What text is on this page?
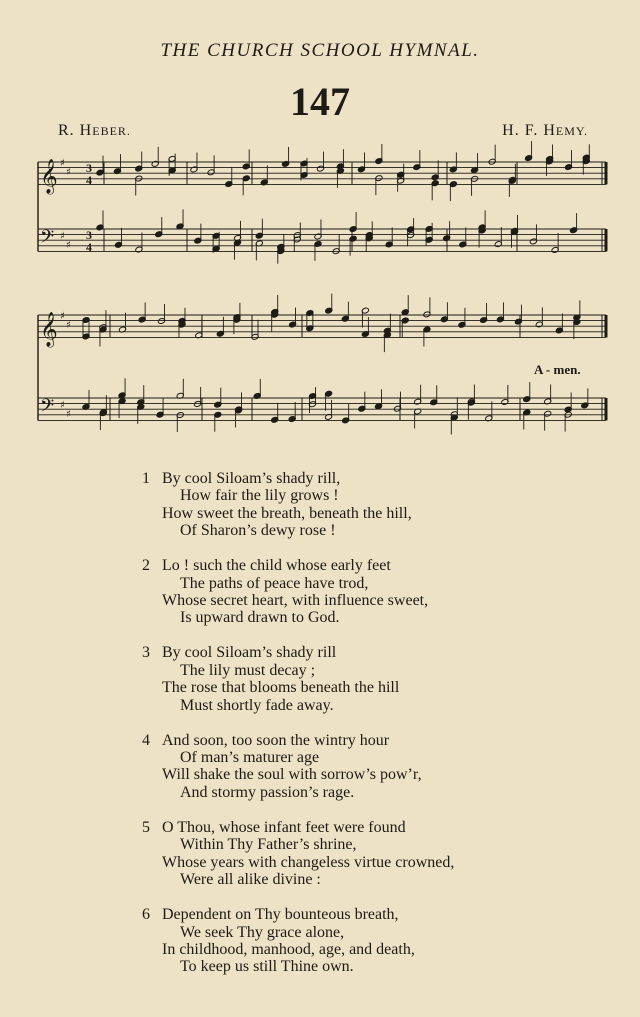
THE CHURCH SCHOOL HYMNAL.
147
R. HEBER.	H. F. HEMY.
𝄞 ♯
♯
𝄢 ♯
♯
𝄞 ♯
♯
𝄢 ♯
♯
3
4
3
4
A - men.
1 By cool Siloam’s shady rill,
How fair the lily grows !
How sweet the breath, beneath the hill,
Of Sharon’s dewy rose !
2 Lo ! such the child whose early feet
The paths of peace have trod,
Whose secret heart, with influence sweet,
Is upward drawn to God.
3 By cool Siloam’s shady rill
The lily must decay ;
The rose that blooms beneath the hill
Must shortly fade away.
4 And soon, too soon the wintry hour
Of man’s maturer age
Will shake the soul with sorrow’s pow’r,
And stormy passion’s rage.
5 O Thou, whose infant feet were found
Within Thy Father’s shrine,
Whose years with changeless virtue crowned,
Were all alike divine :
6 Dependent on Thy bounteous breath,
We seek Thy grace alone,
In childhood, manhood, age, and death,
To keep us still Thine own.
